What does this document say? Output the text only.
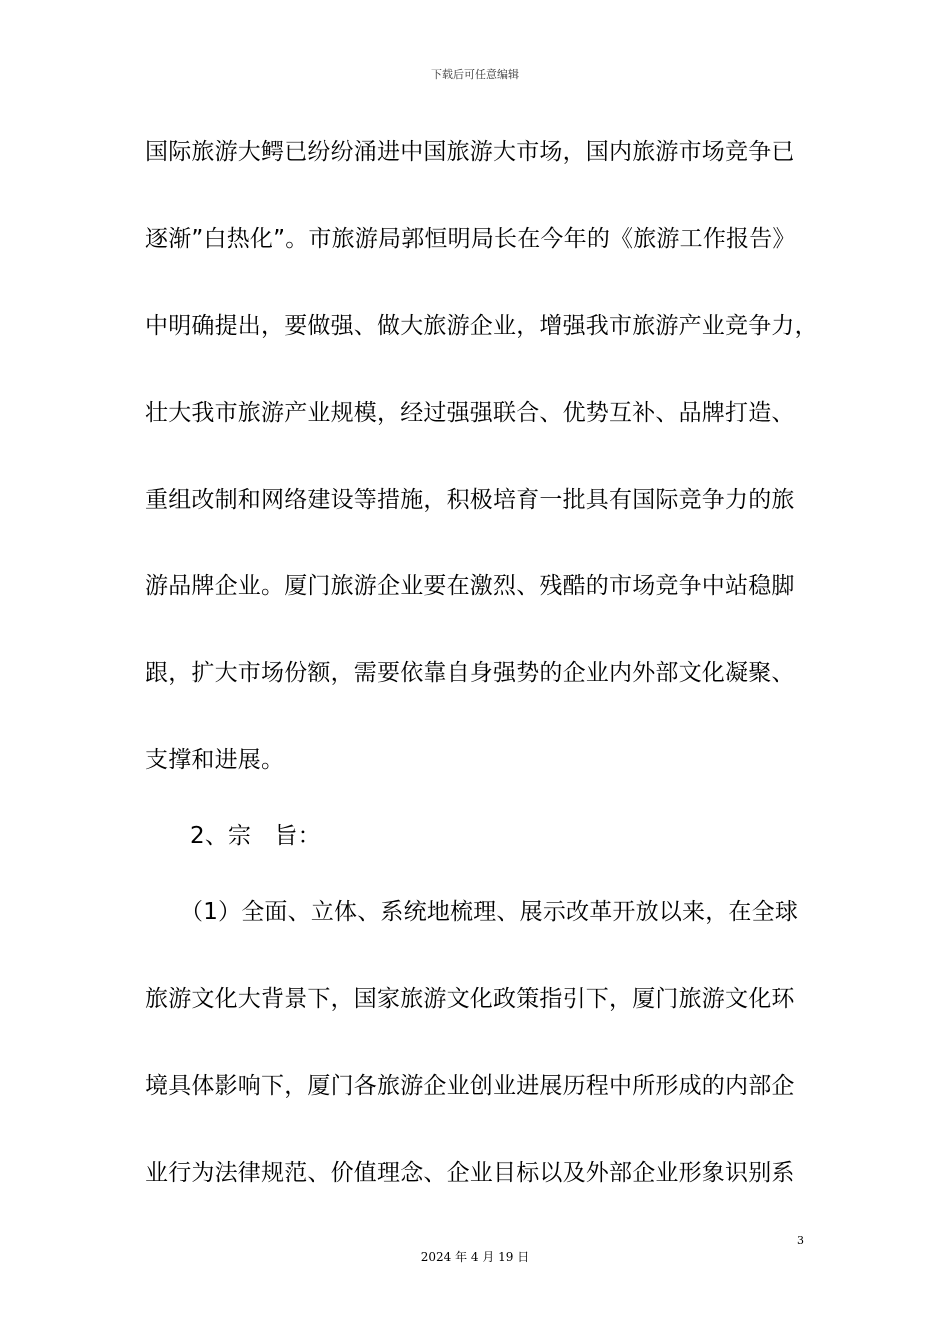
下载后可任意编辑
国际旅游大鳄已纷纷涌进中国旅游大市场，国内旅游市场竞争已
逐渐”白热化”。市旅游局郭恒明局长在今年的《旅游工作报告》
中明确提出，要做强、做大旅游企业，增强我市旅游产业竞争力，
壮大我市旅游产业规模，经过强强联合、优势互补、品牌打造、
重组改制和网络建设等措施，积极培育一批具有国际竞争力的旅
游品牌企业。厦门旅游企业要在激烈、残酷的市场竞争中站稳脚
跟，扩大市场份额，需要依靠自身强势的企业内外部文化凝聚、
支撑和进展。
2、宗　旨：
（1）全面、立体、系统地梳理、展示改革开放以来，在全球
旅游文化大背景下，国家旅游文化政策指引下，厦门旅游文化环
境具体影响下，厦门各旅游企业创业进展历程中所形成的内部企
业行为法律规范、价值理念、企业目标以及外部企业形象识别系
3
2024 年 4 月 19 日
